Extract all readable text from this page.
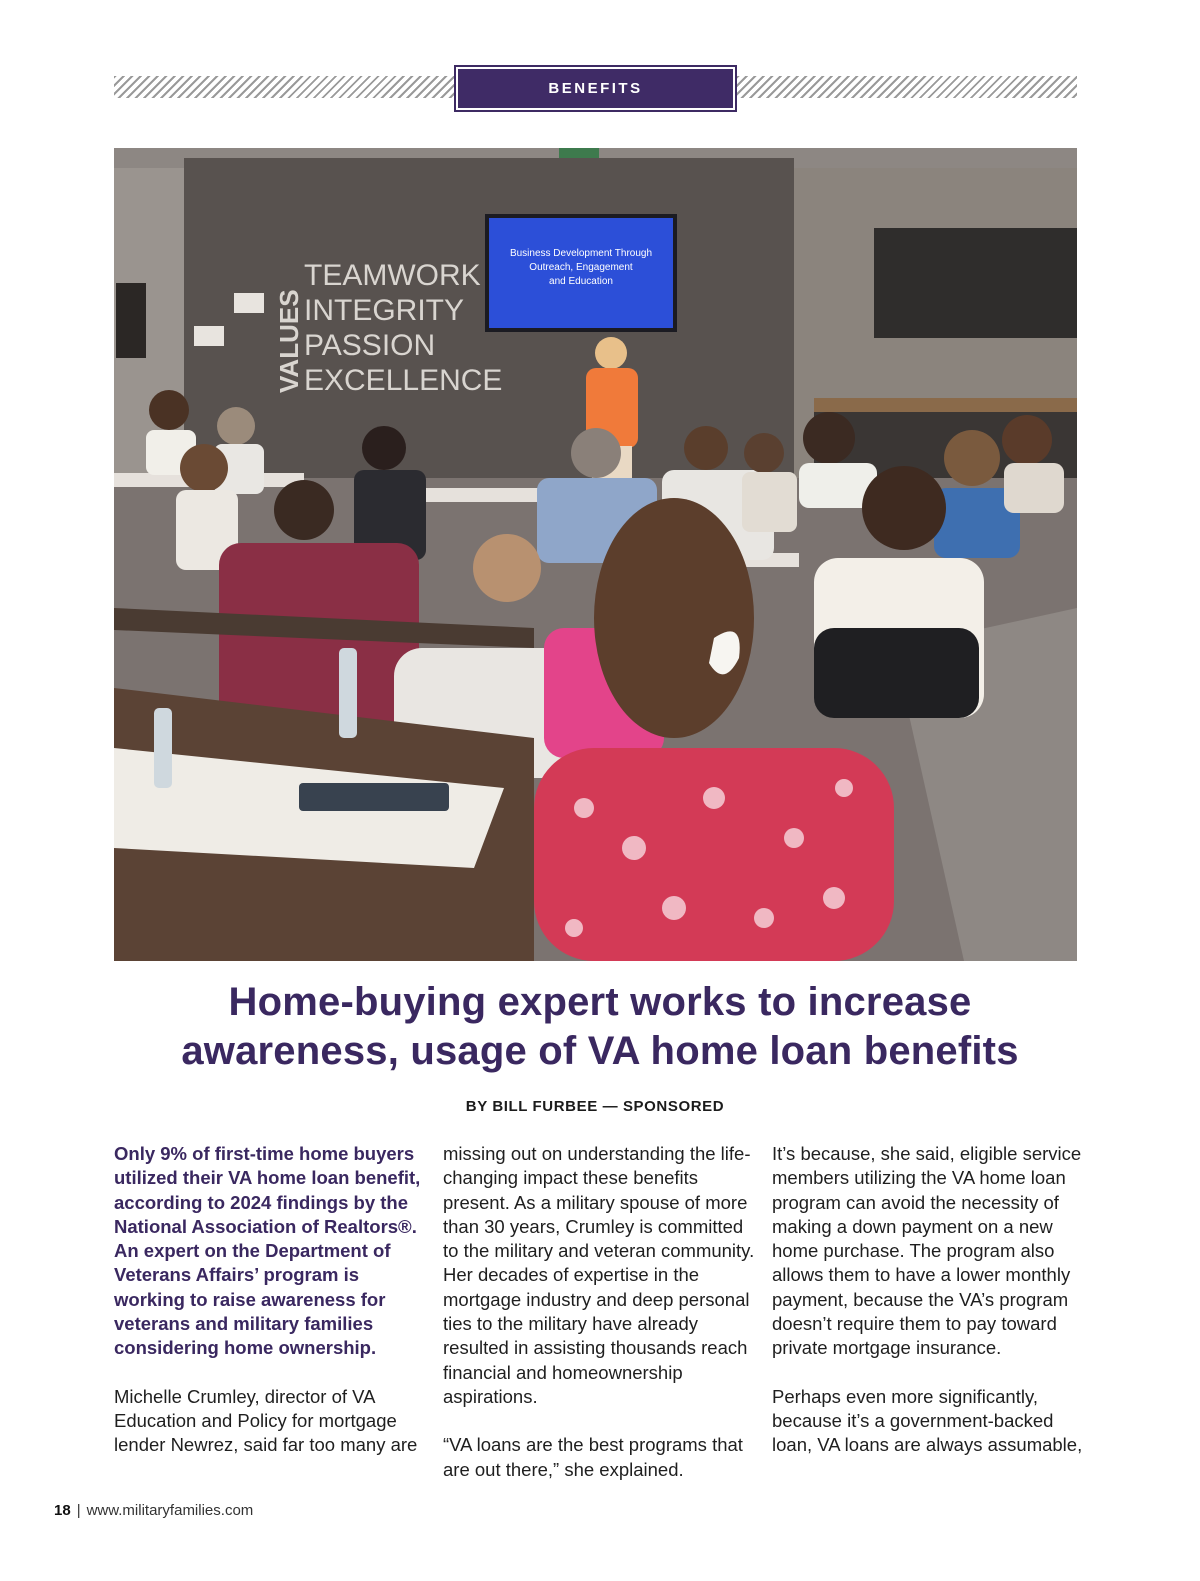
BENEFITS
Business Development Through
Outreach, Engagement
and Education
VALUES
TEAMWORK
INTEGRITY
PASSION
EXCELLENCE
Home-buying expert works to increase
awareness, usage of VA home loan benefits
BY BILL FURBEE — SPONSORED

Only 9% of first-time home buyers utilized their VA home loan benefit, according to 2024 findings by the National Association of Realtors®. An expert on the Department of Veterans Affairs’ program is working to raise awareness for veterans and military families considering home ownership.

Michelle Crumley, director of VA Education and Policy for mortgage lender Newrez, said far too many are

missing out on understanding the life-changing impact these benefits present. As a military spouse of more than 30 years, Crumley is committed to the military and veteran community. Her decades of expertise in the mortgage industry and deep personal ties to the military have already resulted in assisting thousands reach financial and homeownership aspirations.

“VA loans are the best programs that are out there,” she explained.

It’s because, she said, eligible service members utilizing the VA home loan program can avoid the necessity of making a down payment on a new home purchase. The program also allows them to have a lower monthly payment, because the VA’s program doesn’t require them to pay toward private mortgage insurance.

Perhaps even more significantly, because it’s a government-backed loan, VA loans are always assumable,

18 | www.militaryfamilies.com
